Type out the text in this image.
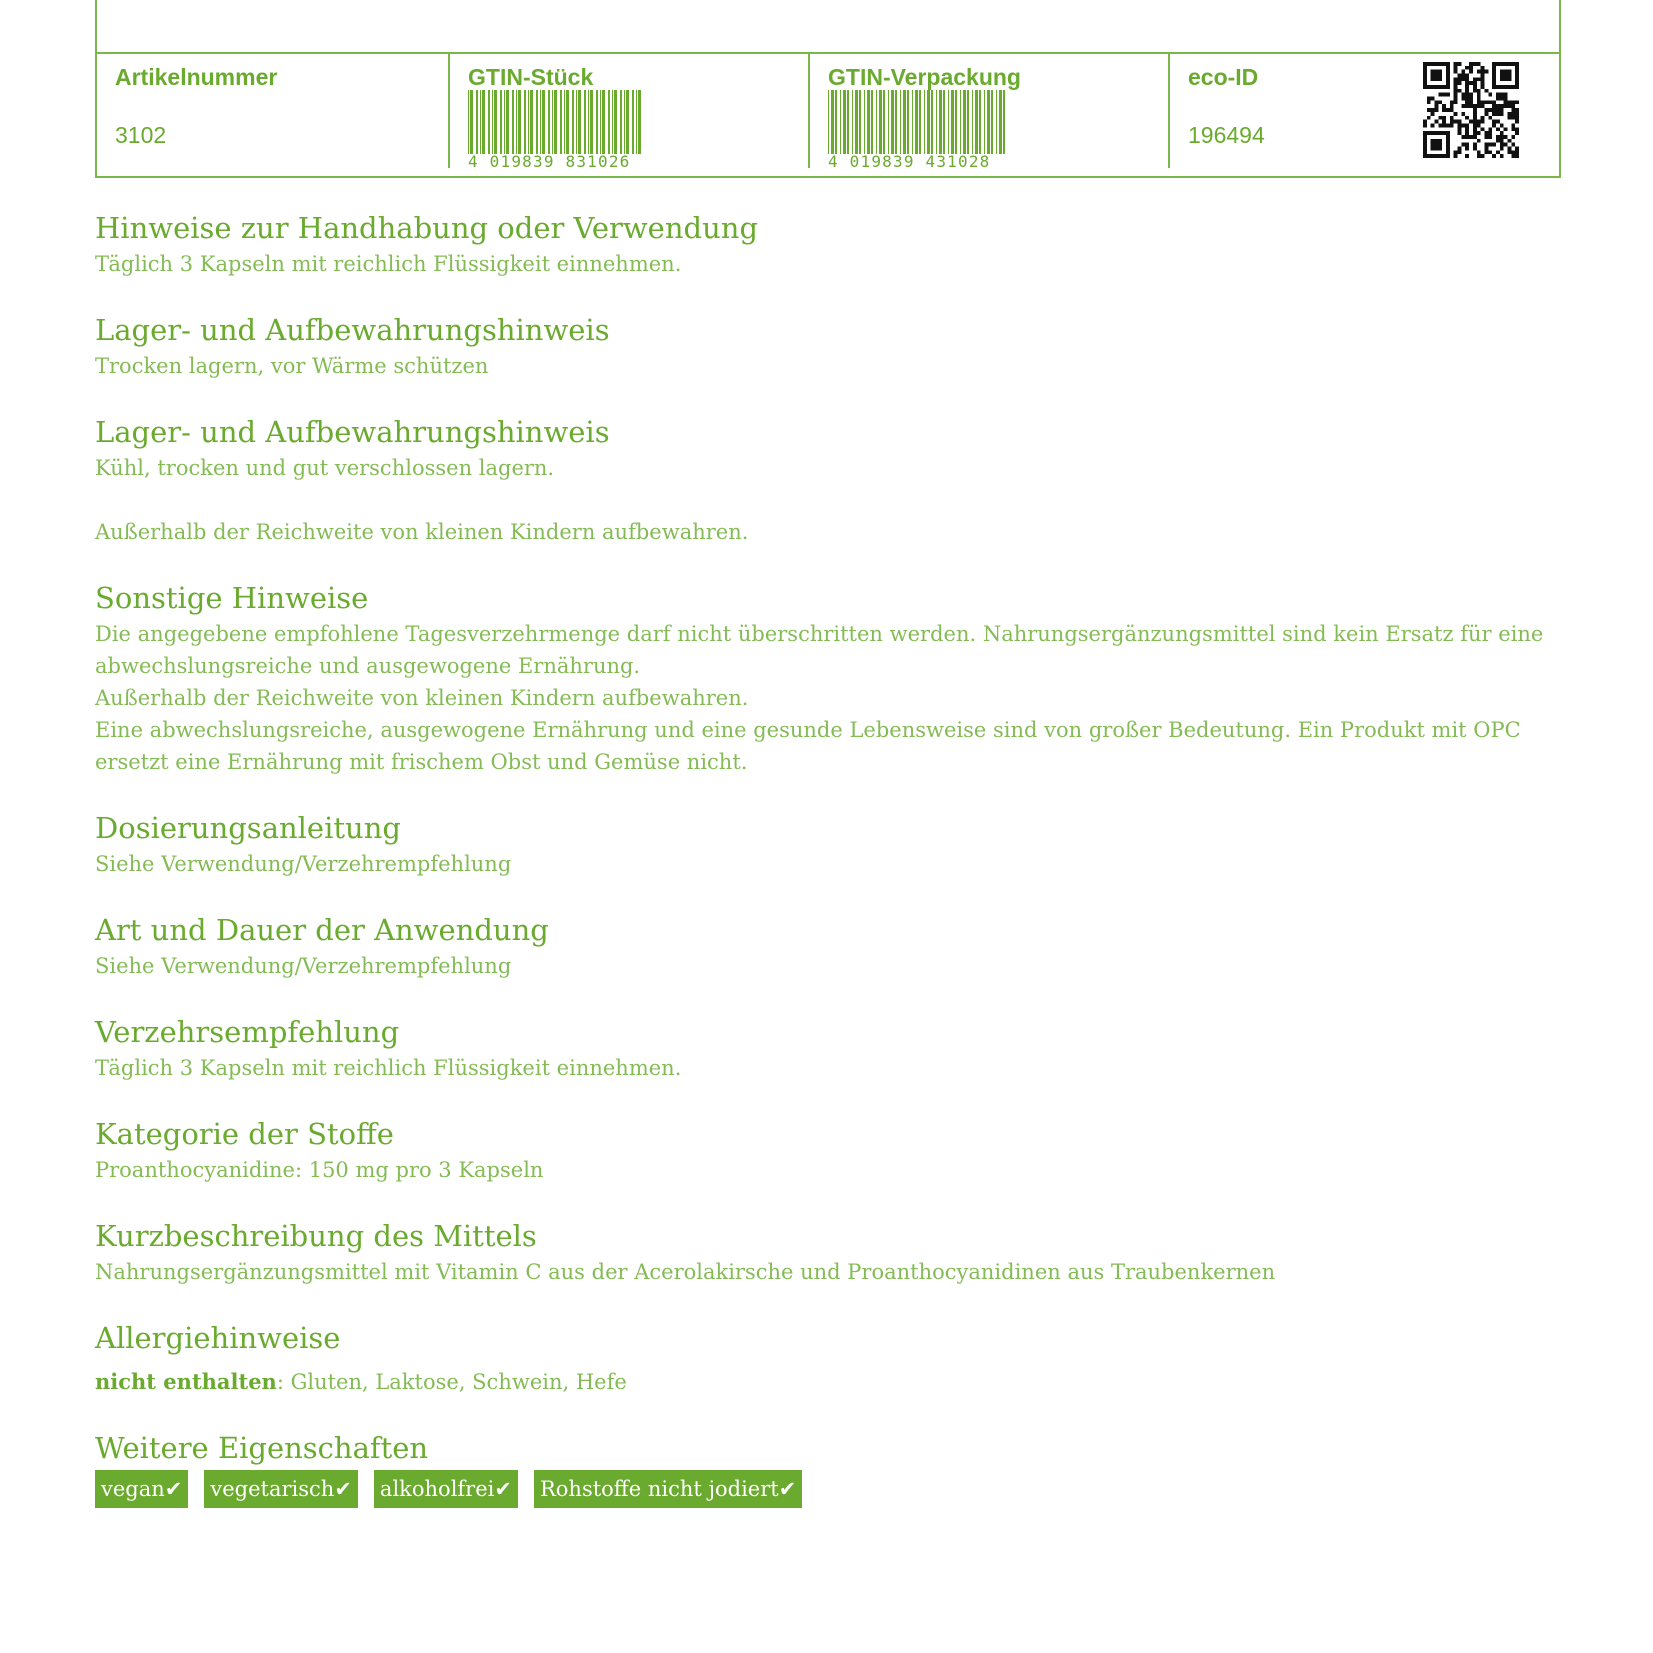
Artikelnummer
3102
GTIN-Stück
4 019839 831026
GTIN-Verpackung
4 019839 431028
eco-ID
196494
Hinweise zur Handhabung oder Verwendung

Täglich 3 Kapseln mit reichlich Flüssigkeit einnehmen.

Lager- und Aufbewahrungshinweis

Trocken lagern, vor Wärme schützen

Lager- und Aufbewahrungshinweis

Kühl, trocken und gut verschlossen lagern.

Außerhalb der Reichweite von kleinen Kindern aufbewahren.

Sonstige Hinweise

Die angegebene empfohlene Tagesverzehrmenge darf nicht überschritten werden. Nahrungsergänzungsmittel sind kein Ersatz für eine abwechslungsreiche und ausgewogene Ernährung.

Außerhalb der Reichweite von kleinen Kindern aufbewahren.

Eine abwechslungsreiche, ausgewogene Ernährung und eine gesunde Lebensweise sind von großer Bedeutung. Ein Produkt mit OPC ersetzt eine Ernährung mit frischem Obst und Gemüse nicht.

Dosierungsanleitung

Siehe Verwendung/Verzehrempfehlung

Art und Dauer der Anwendung

Siehe Verwendung/Verzehrempfehlung

Verzehrsempfehlung

Täglich 3 Kapseln mit reichlich Flüssigkeit einnehmen.

Kategorie der Stoffe

Proanthocyanidine: 150 mg pro 3 Kapseln

Kurzbeschreibung des Mittels

Nahrungsergänzungsmittel mit Vitamin C aus der Acerolakirsche und Proanthocyanidinen aus Traubenkernen

Allergiehinweise

nicht enthalten: Gluten, Laktose, Schwein, Hefe

Weitere Eigenschaften
vegan✔ vegetarisch✔ alkoholfrei✔ Rohstoffe nicht jodiert✔
